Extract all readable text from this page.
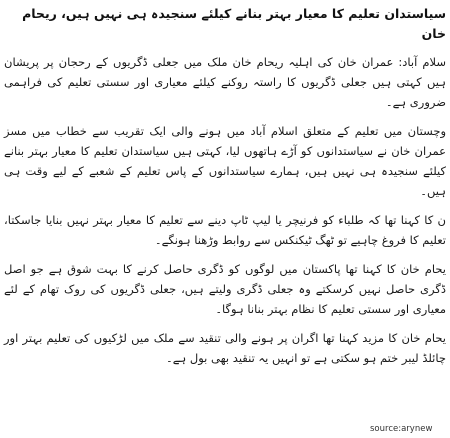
سیاستدان تعلیم کا معیار بہتر بنانے کیلئے سنجیدہ ہی نہیں ہیں، ریحام خان

سلام آباد: عمران خان کی اہلیہ ریحام خان ملک میں جعلی ڈگریوں کے رحجان پر پریشان ہیں کہتی ہیں جعلی ڈگریوں کا راستہ روکنے کیلئے معیاری اور سستی تعلیم کی فراہمی ضروری ہے۔

وچستان میں تعلیم کے متعلق اسلام آباد میں ہونے والی ایک تقریب سے خطاب میں مسز عمران خان نے سیاستدانوں کو آڑے ہاتھوں لیا، کہتی ہیں سیاستدان تعلیم کا معیار بہتر بنانے کیلئے سنجیدہ ہی نہیں ہیں، ہمارے سیاستدانوں کے پاس تعلیم کے شعبے کے لیے وقت ہی ہیں۔

ن کا کہنا تھا کہ طلباء کو فرنیچر یا لیپ ٹاپ دینے سے تعلیم کا معیار بہتر نہیں بنایا جاسکتا، تعلیم کا فروغ چاہیے تو ٹھگ ٹیکنکس سے روابط وڑھنا ہونگے۔

یحام خان کا کہنا تھا پاکستان میں لوگوں کو ڈگری حاصل کرنے کا بہت شوق ہے جو اصل ڈگری حاصل نہیں کرسکتے وہ جعلی ڈگری ولیتے ہیں، جعلی ڈگریوں کی روک تھام کے لئے معیاری اور سستی تعلیم کا نظام بہتر بنانا ہوگا۔

یحام خان کا مزید کہنا تھا اگران پر ہونے والی تنقید سے ملک میں لڑکیوں کی تعلیم بہتر اور چائلڈ لیبر ختم ہو سکتی ہے تو انہیں یہ تنقید بھی بول ہے۔

source:arynew
